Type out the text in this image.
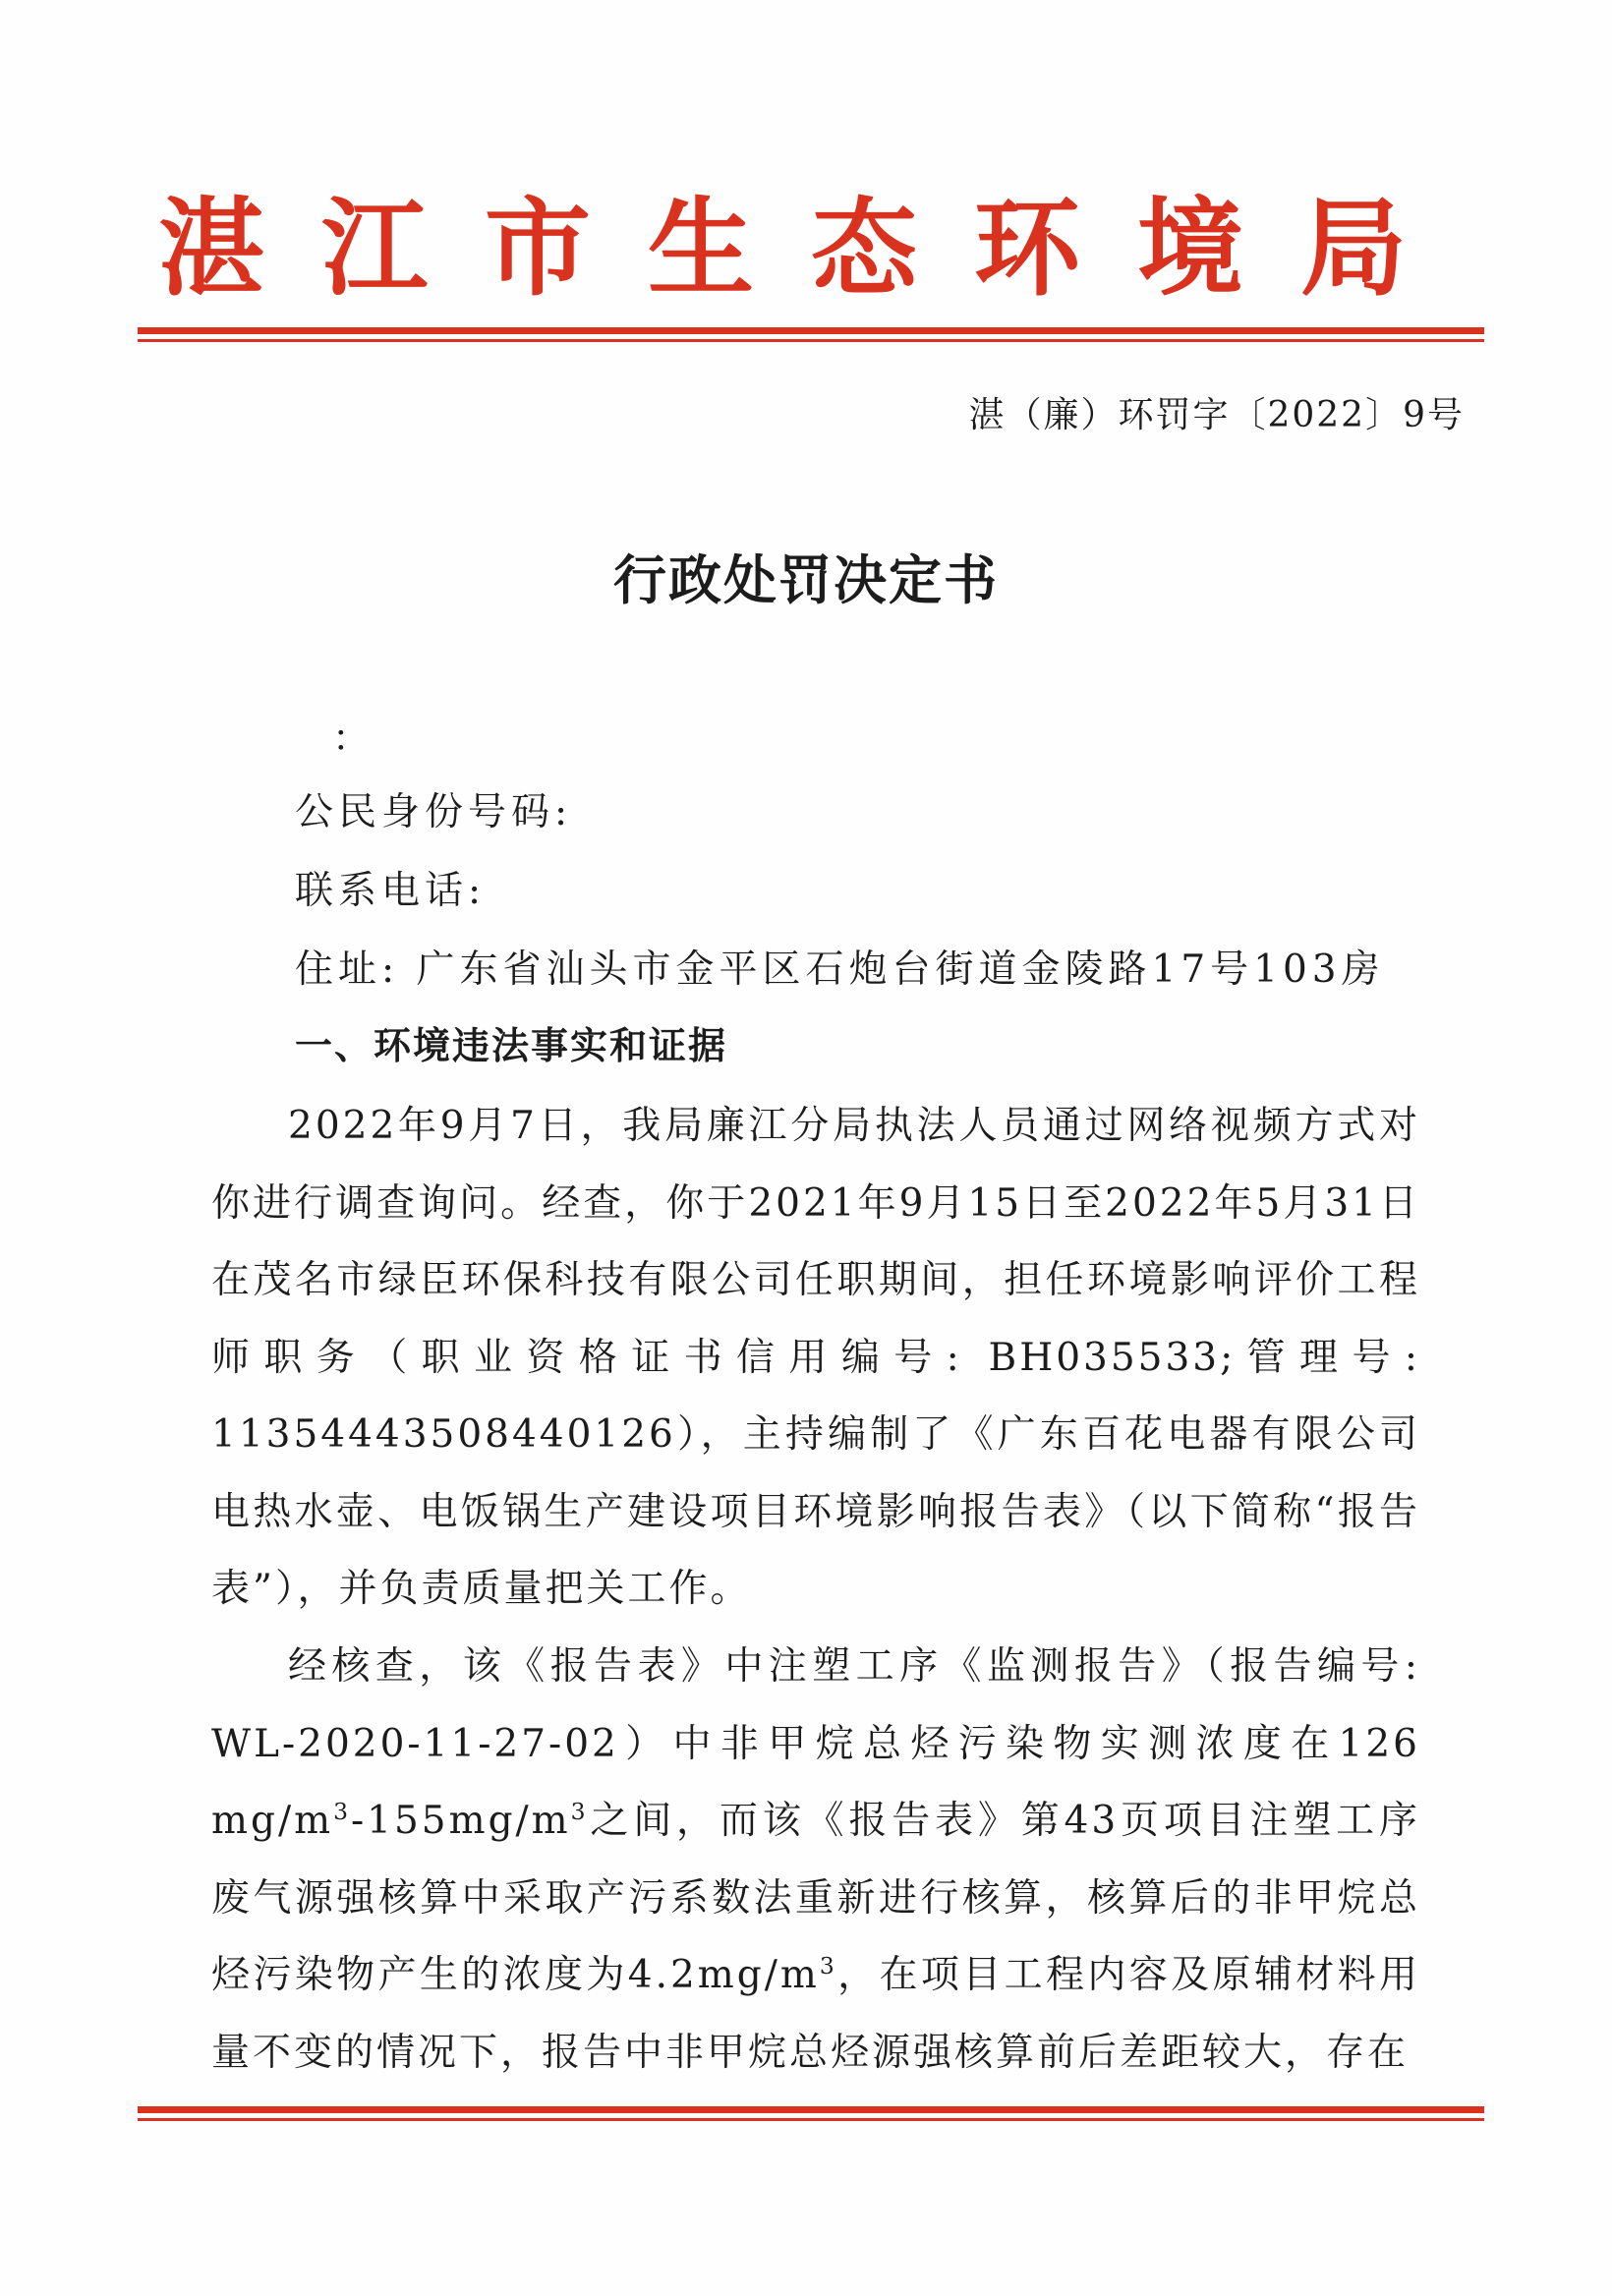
湛江市生态环境局
湛（廉）环罚字〔2022〕9号
行政处罚决定书
：
公民身份号码:
联系电话:
住址: 广东省汕头市金平区石炮台街道金陵路17号103房
一、环境违法事实和证据
2022年9月7日，我局廉江分局执法人员通过网络视频方式对你进行调查询问。经查，你于2021年9月15日至2022年5月31日在茂名市绿臣环保科技有限公司任职期间，担任环境影响评价工程师职务（职业资格证书信用编号: BH035533;管理号: 11354443508440126），主持编制了《广东百花电器有限公司电热水壶、电饭锅生产建设项目环境影响报告表》（以下简称“报告表”），并负责质量把关工作。
经核查，该《报告表》中注塑工序《监测报告》（报告编号: WL-2020-11-27-02）中非甲烷总烃污染物实测浓度在126 $mg/m^3-155mg/m^3$之间，而该《报告表》第43页项目注塑工序废气源强核算中采取产污系数法重新进行核算，核算后的非甲烷总烃污染物产生的浓度为$4.2mg/m^3$，在项目工程内容及原辅材料用量不变的情况下，报告中非甲烷总烃源强核算前后差距较大，存在
